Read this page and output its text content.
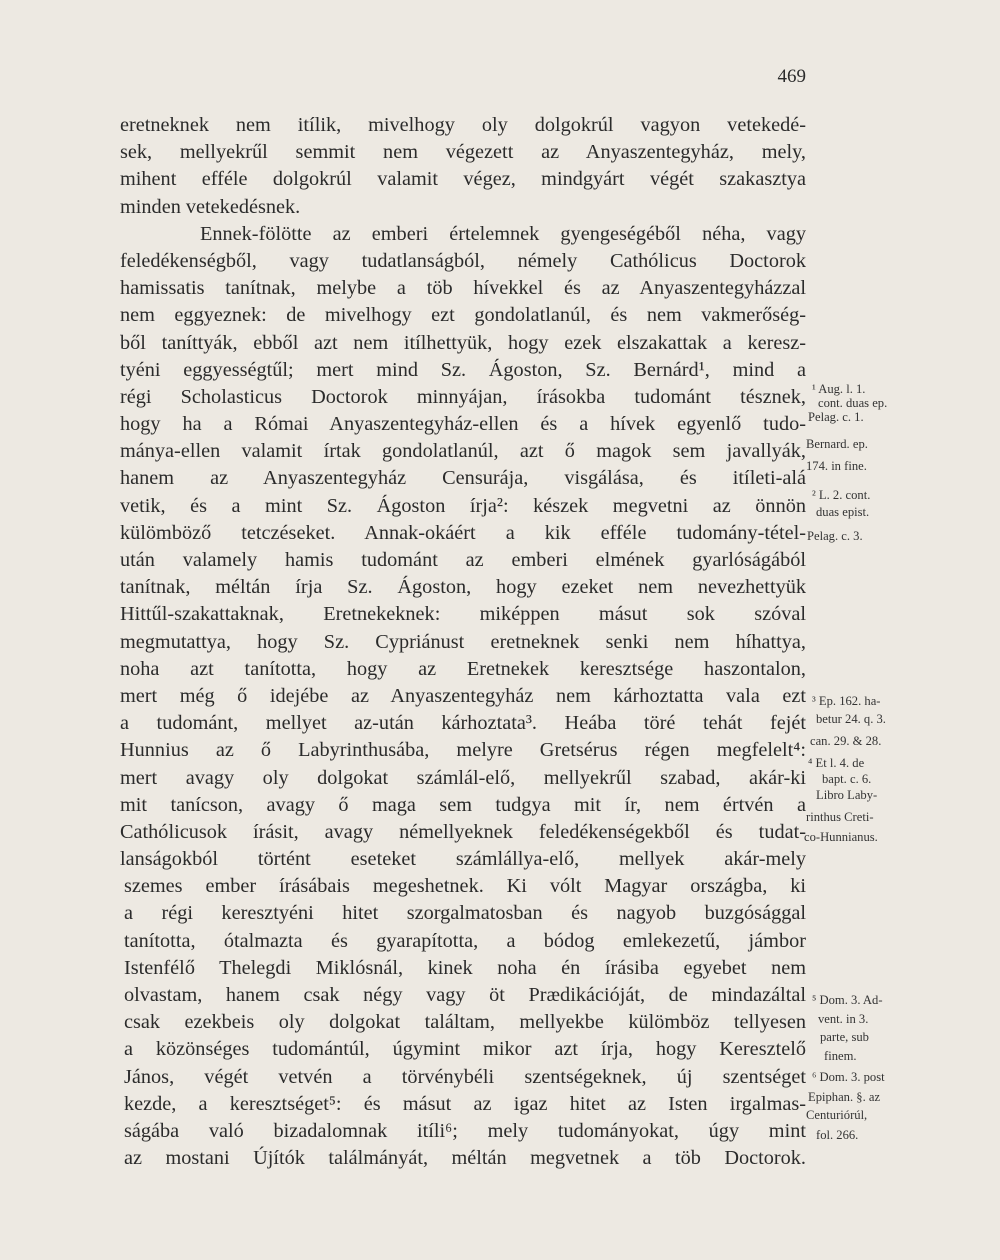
469
eretneknek nem itílik, mivelhogy oly dolgokrúl vagyon vetekedé-
sek, mellyekrűl semmit nem végezett az Anyaszentegyház, mely,
mihent efféle dolgokrúl valamit végez, mindgyárt végét szakasztya
minden vetekedésnek.
Ennek-fölötte az emberi értelemnek gyengeségéből néha, vagy
feledékenségből, vagy tudatlanságból, némely Cathólicus Doctorok
hamissatis tanítnak, melybe a töb hívekkel és az Anyaszentegyházzal
nem eggyeznek: de mivelhogy ezt gondolatlanúl, és nem vakmerőség-
ből taníttyák, ebből azt nem itílhettyük, hogy ezek elszakattak a keresz-
tyéni eggyességtűl; mert mind Sz. Ágoston, Sz. Bernárd¹, mind a
régi Scholasticus Doctorok minnyájan, írásokba tudománt tésznek,
hogy ha a Római Anyaszentegyház-ellen és a hívek egyenlő tudo-
mánya-ellen valamit írtak gondolatlanúl, azt ő magok sem javallyák,
hanem az Anyaszentegyház Censurája, visgálása, és itíleti-alá
vetik, és a mint Sz. Ágoston írja²: készek megvetni az önnön
külömböző tetczéseket. Annak-okáért a kik efféle tudomány-tétel-
után valamely hamis tudománt az emberi elmének gyarlóságából
tanítnak, méltán írja Sz. Ágoston, hogy ezeket nem nevezhettyük
Hittűl-szakattaknak, Eretnekeknek: miképpen másut sok szóval
megmutattya, hogy Sz. Cypriánust eretneknek senki nem híhattya,
noha azt tanította, hogy az Eretnekek keresztsége haszontalon,
mert még ő idejébe az Anyaszentegyház nem kárhoztatta vala ezt
a tudománt, mellyet az-után kárhoztata³. Heába töré tehát fejét
Hunnius az ő Labyrinthusába, melyre Gretsérus régen megfelelt⁴:
mert avagy oly dolgokat számlál-elő, mellyekrűl szabad, akár-ki
mit tanícson, avagy ő maga sem tudgya mit ír, nem értvén a
Cathólicusok írásit, avagy némellyeknek feledékenségekből és tudat-
lanságokból történt eseteket számlállya-elő, mellyek akár-mely
szemes ember írásábais megeshetnek. Ki vólt Magyar országba, ki
a régi keresztyéni hitet szorgalmatosban és nagyob buzgósággal
tanította, ótalmazta és gyarapította, a bódog emlekezetű, jámbor
Istenfélő Thelegdi Miklósnál, kinek noha én írásiba egyebet nem
olvastam, hanem csak négy vagy öt Prædikációját, de mindazáltal
csak ezekbeis oly dolgokat találtam, mellyekbe külömböz tellyesen
a közönséges tudomántúl, úgymint mikor azt írja, hogy Keresztelő
János, végét vetvén a törvénybéli szentségeknek, új szentséget
kezde, a keresztséget⁵: és másut az igaz hitet az Isten irgalmas-
ságába való bizadalomnak itíli⁶; mely tudományokat, úgy mint
az mostani Újítók találmányát, méltán megvetnek a töb Doctorok.
¹ Aug. l. 1.
cont. duas ep.
Pelag. c. 1.
Bernard. ep.
174. in fine.
² L. 2. cont.
duas epist.
Pelag. c. 3.
³ Ep. 162. ha-
betur 24. q. 3.
can. 29. & 28.
⁴ Et l. 4. de
bapt. c. 6.
Libro Laby-
rinthus Creti-
co-Hunnianus.
⁵ Dom. 3. Ad-
vent. in 3.
parte, sub
finem.
⁶ Dom. 3. post
Epiphan. §. az
Centuriórúl,
fol. 266.
